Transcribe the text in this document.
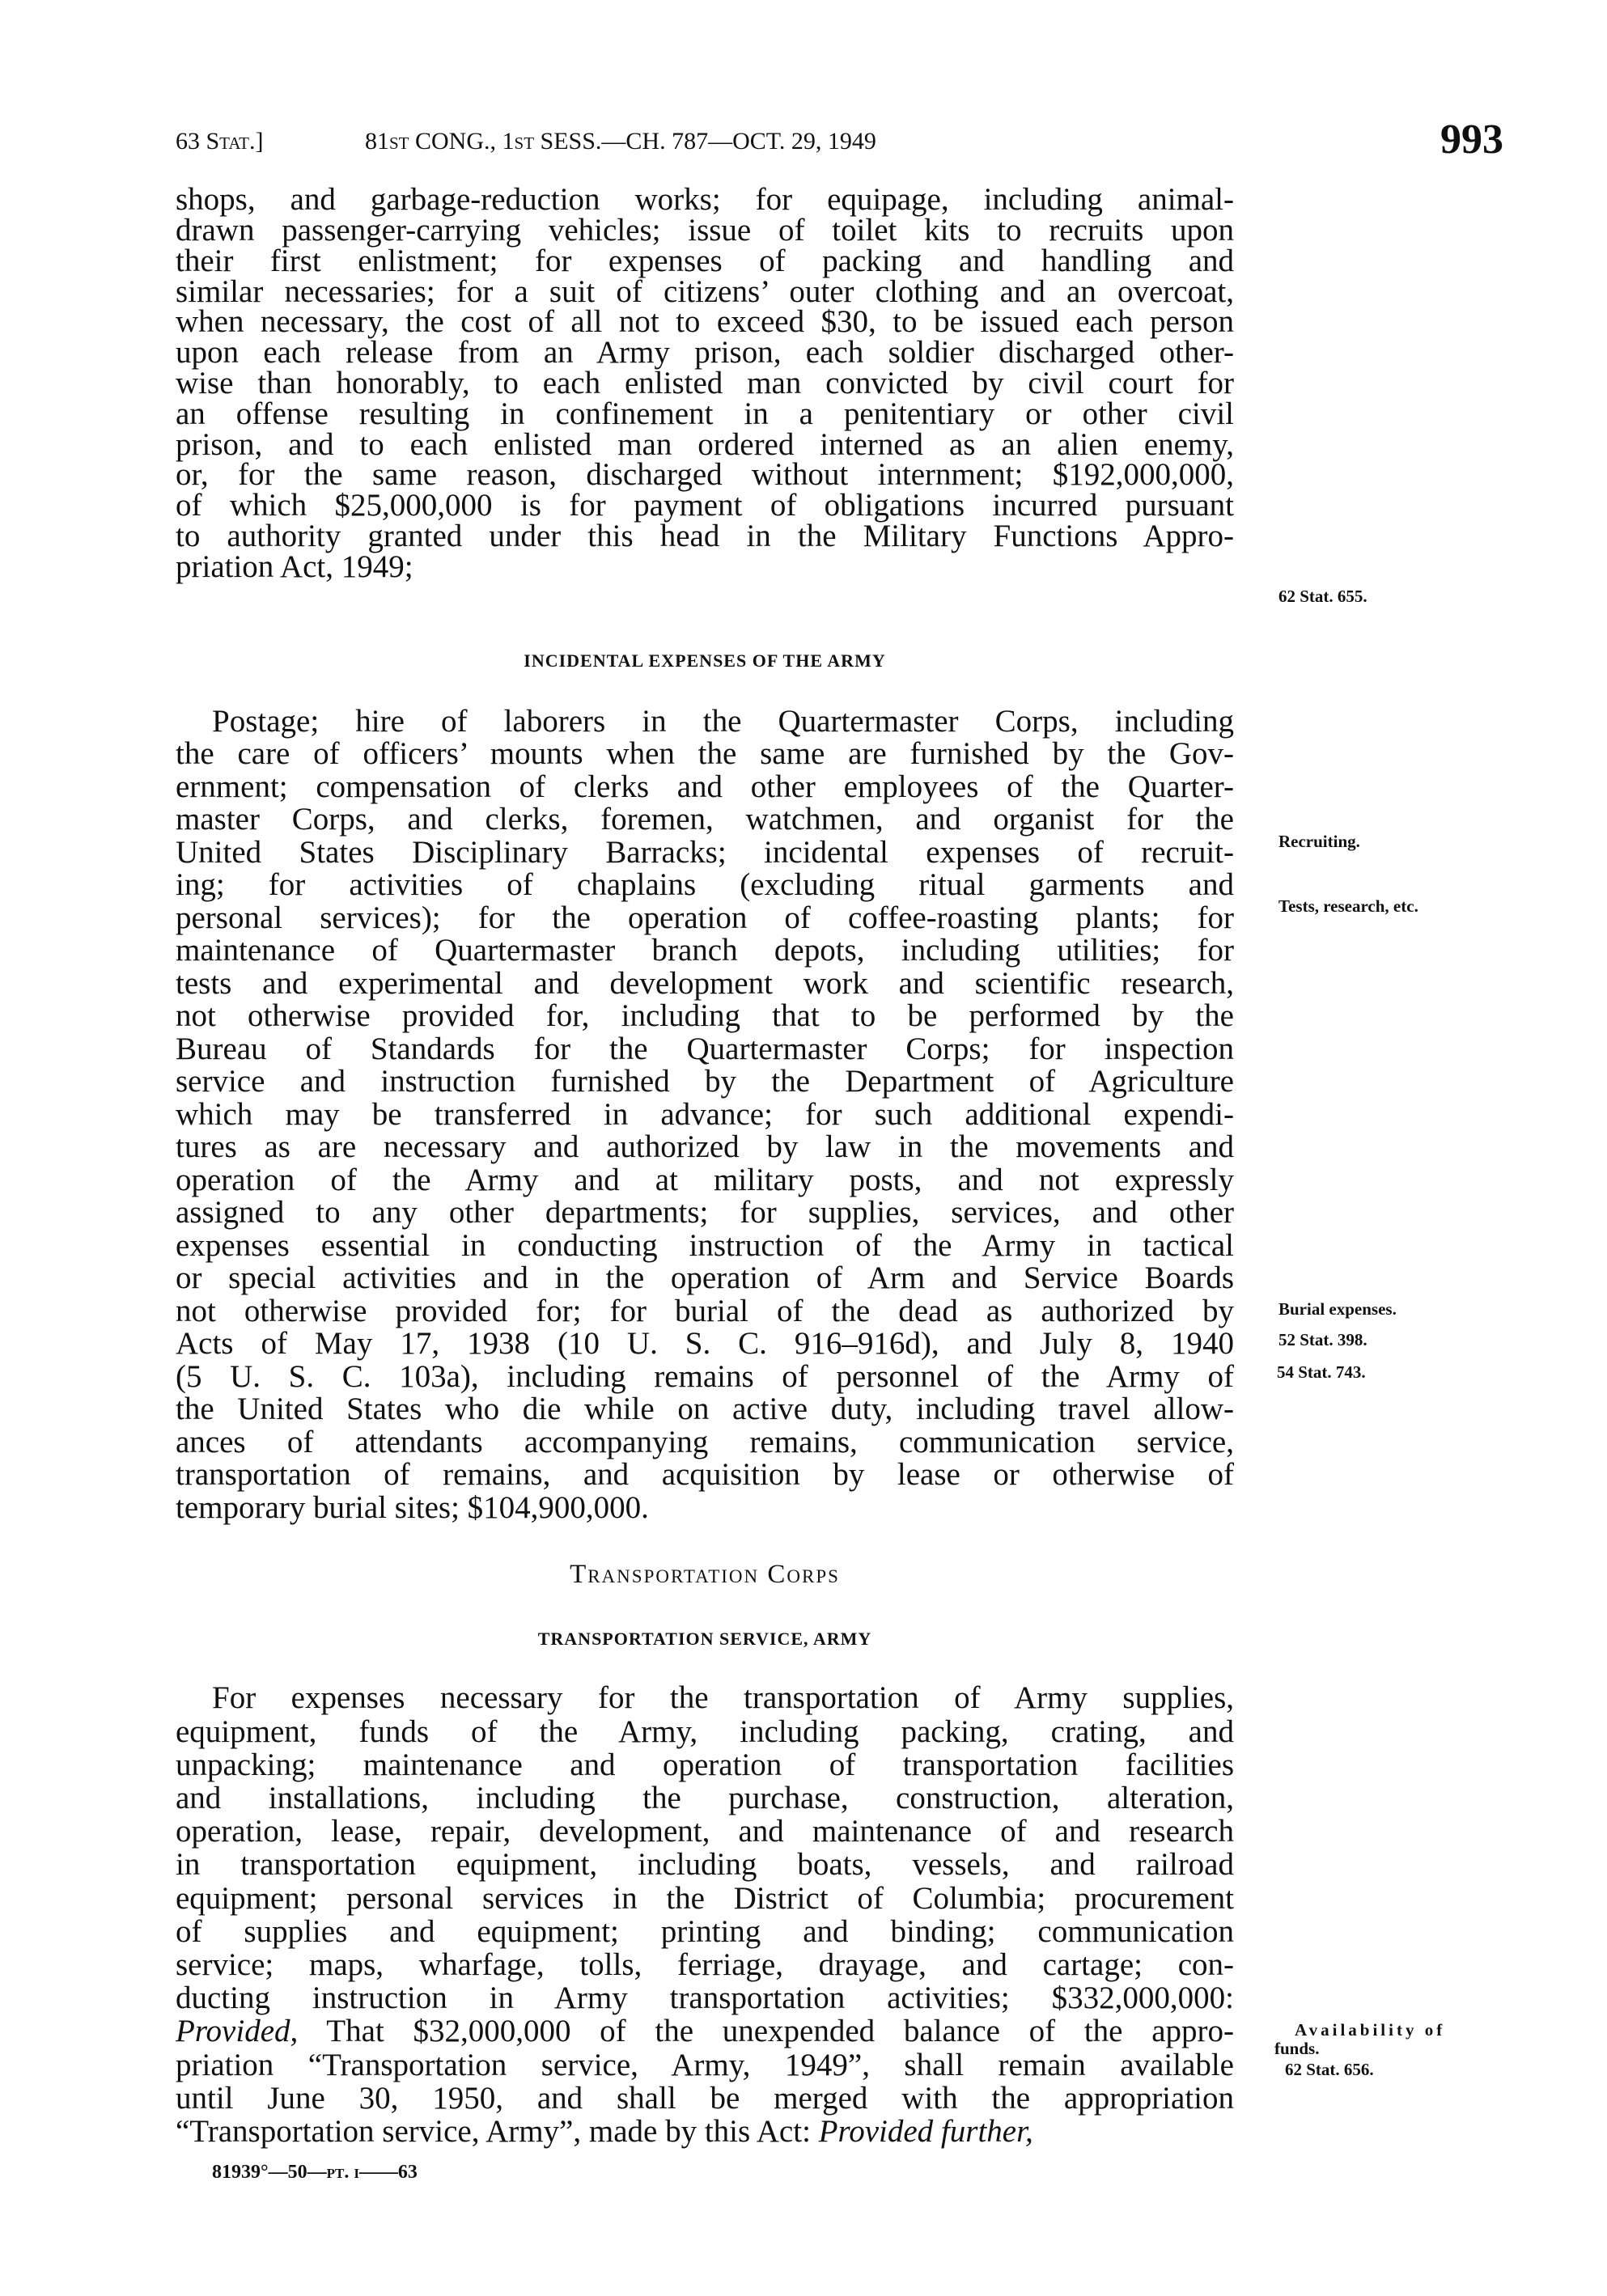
63 Stat.]	81st CONG., 1st SESS.—CH. 787—OCT. 29, 1949	993
shops, and garbage-reduction works; for equipage, including animal-
drawn passenger-carrying vehicles; issue of toilet kits to recruits upon
their first enlistment; for expenses of packing and handling and
similar necessaries; for a suit of citizens’ outer clothing and an overcoat,
when necessary, the cost of all not to exceed $30, to be issued each person
upon each release from an Army prison, each soldier discharged other-
wise than honorably, to each enlisted man convicted by civil court for
an offense resulting in confinement in a penitentiary or other civil
prison, and to each enlisted man ordered interned as an alien enemy,
or, for the same reason, discharged without internment; $192,000,000,
of which $25,000,000 is for payment of obligations incurred pursuant
to authority granted under this head in the Military Functions Appro-
priation Act, 1949;
INCIDENTAL EXPENSES OF THE ARMY
Postage; hire of laborers in the Quartermaster Corps, including
the care of officers’ mounts when the same are furnished by the Gov-
ernment; compensation of clerks and other employees of the Quarter-
master Corps, and clerks, foremen, watchmen, and organist for the
United States Disciplinary Barracks; incidental expenses of recruit-
ing; for activities of chaplains (excluding ritual garments and
personal services); for the operation of coffee-roasting plants; for
maintenance of Quartermaster branch depots, including utilities; for
tests and experimental and development work and scientific research,
not otherwise provided for, including that to be performed by the
Bureau of Standards for the Quartermaster Corps; for inspection
service and instruction furnished by the Department of Agriculture
which may be transferred in advance; for such additional expendi-
tures as are necessary and authorized by law in the movements and
operation of the Army and at military posts, and not expressly
assigned to any other departments; for supplies, services, and other
expenses essential in conducting instruction of the Army in tactical
or special activities and in the operation of Arm and Service Boards
not otherwise provided for; for burial of the dead as authorized by
Acts of May 17, 1938 (10 U. S. C. 916–916d), and July 8, 1940
(5 U. S. C. 103a), including remains of personnel of the Army of
the United States who die while on active duty, including travel allow-
ances of attendants accompanying remains, communication service,
transportation of remains, and acquisition by lease or otherwise of
temporary burial sites; $104,900,000.
Transportation Corps
TRANSPORTATION SERVICE, ARMY
For expenses necessary for the transportation of Army supplies,
equipment, funds of the Army, including packing, crating, and
unpacking; maintenance and operation of transportation facilities
and installations, including the purchase, construction, alteration,
operation, lease, repair, development, and maintenance of and research
in transportation equipment, including boats, vessels, and railroad
equipment; personal services in the District of Columbia; procurement
of supplies and equipment; printing and binding; communication
service; maps, wharfage, tolls, ferriage, drayage, and cartage; con-
ducting instruction in Army transportation activities; $332,000,000:
Provided, That $32,000,000 of the unexpended balance of the appro-
priation “Transportation service, Army, 1949”, shall remain available
until June 30, 1950, and shall be merged with the appropriation
“Transportation service, Army”, made by this Act: Provided further,
62 Stat. 655.
Recruiting.
Tests, research, etc.
Burial expenses.
52 Stat. 398.
54 Stat. 743.
Availability of
funds.
62 Stat. 656.
81939°—50—pt. i——63
